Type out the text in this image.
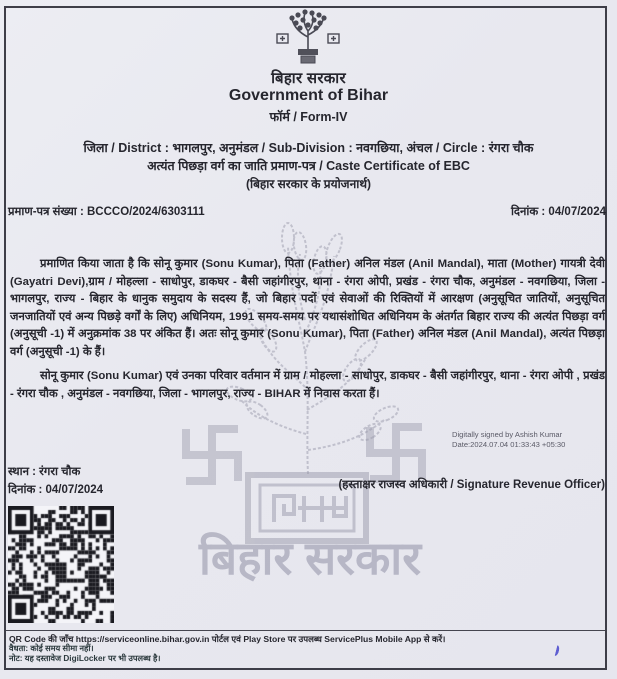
बिहार सरकार
बिहार सरकार
Government of Bihar
फॉर्म / Form-IV
जिला / District : भागलपुर, अनुमंडल / Sub-Division : नवगछिया, अंचल / Circle : रंगरा चौक
अत्यंत पिछड़ा वर्ग का जाति प्रमाण-पत्र / Caste Certificate of EBC
(बिहार सरकार के प्रयोजनार्थ)
प्रमाण-पत्र संख्या : BCCCO/2024/6303111	दिनांक : 04/07/2024
प्रमाणित किया जाता है कि सोनू कुमार (Sonu Kumar), पिता (Father) अनिल मंडल (Anil Mandal), माता (Mother) गायत्री देवी (Gayatri Devi),ग्राम / मोहल्ला - साधोपुर, डाकघर - बैसी जहांगीरपुर, थाना - रंगरा ओपी, प्रखंड - रंगरा चौक, अनुमंडल - नवगछिया, जिला - भागलपुर, राज्य - बिहार के धानुक समुदाय के सदस्य हैं, जो बिहार पदों एवं सेवाओं की रिक्तियों में आरक्षण (अनुसूचित जातियों, अनुसूचित जनजातियों एवं अन्य पिछड़े वर्गों के लिए) अधिनियम, 1991 समय-समय पर यथासंशोधित अधिनियम के अंतर्गत बिहार राज्य की अत्यंत पिछड़ा वर्ग (अनुसूची -1) में अनुक्रमांक 38 पर अंकित हैं। अतः सोनू कुमार (Sonu Kumar), पिता (Father) अनिल मंडल (Anil Mandal), अत्यंत पिछड़ा वर्ग (अनुसूची -1) के हैं।
सोनू कुमार (Sonu Kumar) एवं उनका परिवार वर्तमान में ग्राम / मोहल्ला - साधोपुर, डाकघर - बैसी जहांगीरपुर, थाना - रंगरा ओपी , प्रखंड - रंगरा चौक , अनुमंडल - नवगछिया, जिला - भागलपुर, राज्य - BIHAR में निवास करता हैं।
Digitally signed by Ashish Kumar
Date:2024.07.04 01:33:43 +05:30
स्थान : रंगरा चौक
दिनांक : 04/07/2024	(हस्ताक्षर राजस्व अधिकारी / Signature Revenue Officer)
QR Code की जाँच https://serviceonline.bihar.gov.in पोर्टल एवं Play Store पर उपलब्ध ServicePlus Mobile App से करें।
वैधता: कोई समय सीमा नहीं।
नोट: यह दस्तावेज DigiLocker पर भी उपलब्ध है।
